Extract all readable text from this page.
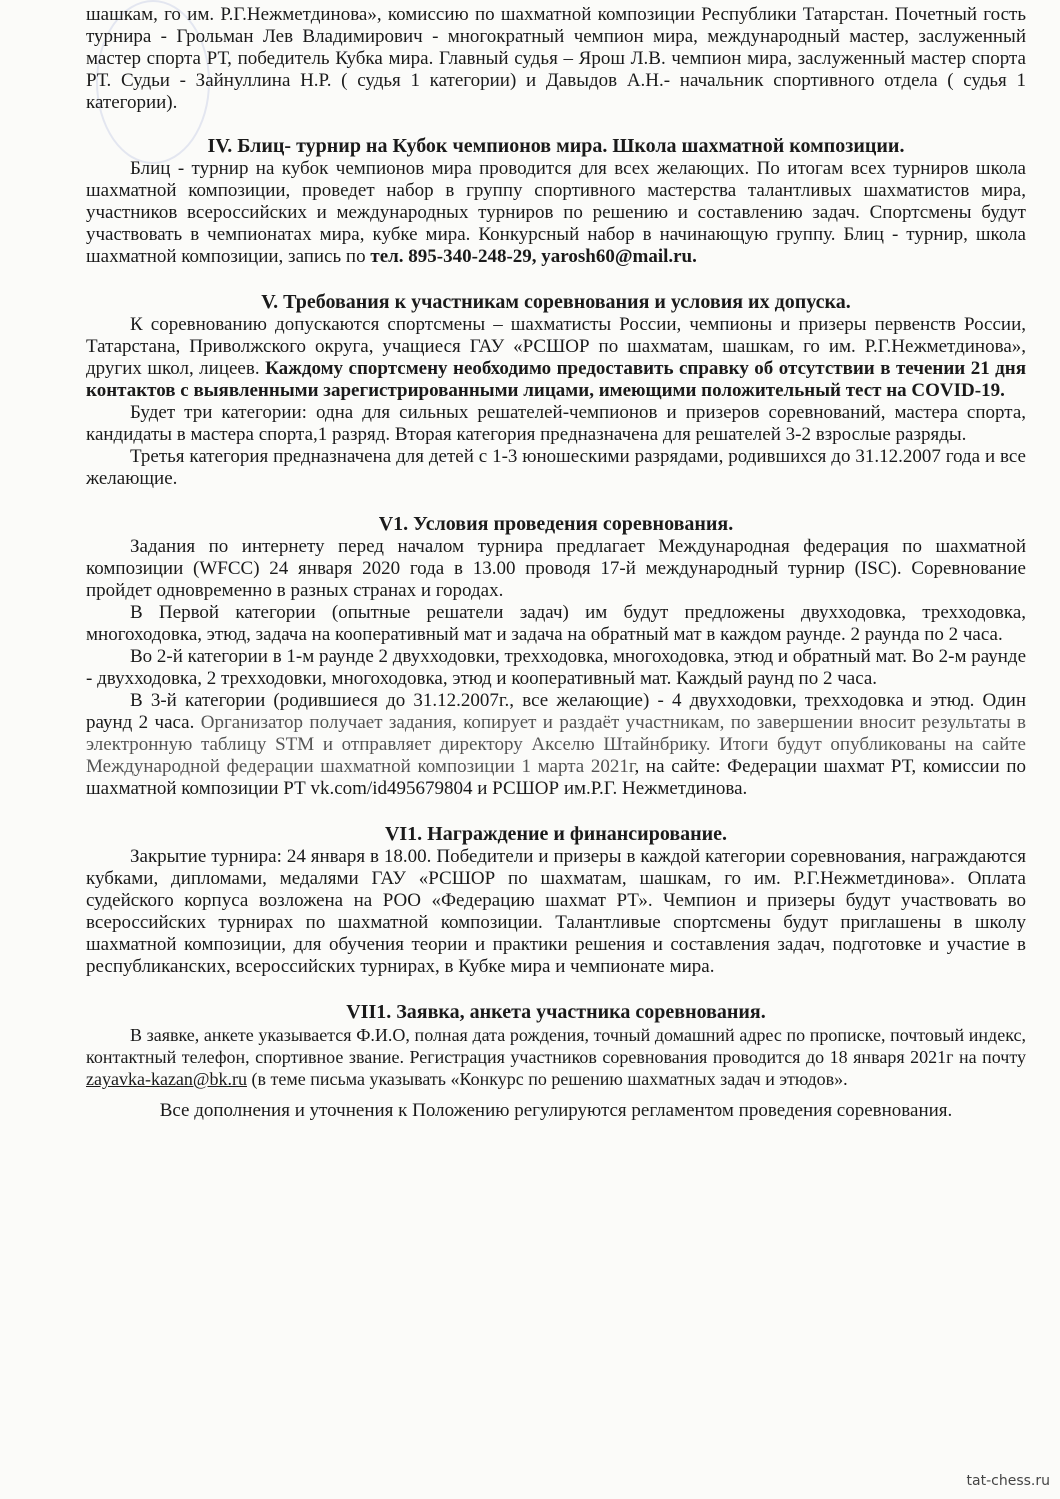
шашкам, го им. Р.Г.Нежметдинова», комиссию по шахматной композиции Республики Татарстан. Почетный гость турнира - Грольман Лев Владимирович - многократный чемпион мира, международный мастер, заслуженный мастер спорта РТ, победитель Кубка мира. Главный судья – Ярош Л.В. чемпион мира, заслуженный мастер спорта РТ. Судьи - Зайнуллина Н.Р. ( судья 1 категории) и Давыдов А.Н.- начальник спортивного отдела ( судья 1 категории).

IV. Блиц- турнир на Кубок чемпионов мира. Школа шахматной композиции.

Блиц - турнир на кубок чемпионов мира проводится для всех желающих. По итогам всех турниров школа шахматной композиции, проведет набор в группу спортивного мастерства талантливых шахматистов мира, участников всероссийских и международных турниров по решению и составлению задач. Спортсмены будут участвовать в чемпионатах мира, кубке мира. Конкурсный набор в начинающую группу. Блиц - турнир, школа шахматной композиции, запись по тел. 895-340-248-29, yarosh60@mail.ru.

V. Требования к участникам соревнования и условия их допуска.

К соревнованию допускаются спортсмены – шахматисты России, чемпионы и призеры первенств России, Татарстана, Приволжского округа, учащиеся ГАУ «РСШОР по шахматам, шашкам, го им. Р.Г.Нежметдинова», других школ, лицеев. Каждому спортсмену необходимо предоставить справку об отсутствии в течении 21 дня контактов с выявленными зарегистрированными лицами, имеющими положительный тест на COVID-19.

Будет три категории: одна для сильных решателей-чемпионов и призеров соревнований, мастера спорта, кандидаты в мастера спорта,1 разряд. Вторая категория предназначена для решателей 3-2 взрослые разряды.

Третья категория предназначена для детей с 1-3 юношескими разрядами, родившихся до 31.12.2007 года и все желающие.

V1. Условия проведения соревнования.

Задания по интернету перед началом турнира предлагает Международная федерация по шахматной композиции (WFCC) 24 января 2020 года в 13.00 проводя 17-й международный турнир (ISC). Соревнование пройдет одновременно в разных странах и городах.

В Первой категории (опытные решатели задач) им будут предложены двухходовка, трехходовка, многоходовка, этюд, задача на кооперативный мат и задача на обратный мат в каждом раунде. 2 раунда по 2 часа.

Во 2-й категории в 1-м раунде 2 двухходовки, трехходовка, многоходовка, этюд и обратный мат. Во 2-м раунде - двухходовка, 2 трехходовки, многоходовка, этюд и кооперативный мат. Каждый раунд по 2 часа.

В 3-й категории (родившиеся до 31.12.2007г., все желающие) - 4 двухходовки, трехходовка и этюд. Один раунд 2 часа. Организатор получает задания, копирует и раздаёт участникам, по завершении вносит результаты в электронную таблицу STM и отправляет директору Акселю Штайнбрику. Итоги будут опубликованы на сайте Международной федерации шахматной композиции 1 марта 2021г, на сайте: Федерации шахмат РТ, комиссии по шахматной композиции РТ vk.com/id495679804 и РСШОР им.Р.Г. Нежметдинова.

VI1. Награждение и финансирование.

Закрытие турнира: 24 января в 18.00. Победители и призеры в каждой категории соревнования, награждаются кубками, дипломами, медалями ГАУ «РСШОР по шахматам, шашкам, го им. Р.Г.Нежметдинова». Оплата судейского корпуса возложена на РОО «Федерацию шахмат РТ». Чемпион и призеры будут участвовать во всероссийских турнирах по шахматной композиции. Талантливые спортсмены будут приглашены в школу шахматной композиции, для обучения теории и практики решения и составления задач, подготовке и участие в республиканских, всероссийских турнирах, в Кубке мира и чемпионате мира.

VII1. Заявка, анкета участника соревнования.

В заявке, анкете указывается Ф.И.О, полная дата рождения, точный домашний адрес по прописке, почтовый индекс, контактный телефон, спортивное звание. Регистрация участников соревнования проводится до 18 января 2021г на почту zayavka-kazan@bk.ru (в теме письма указывать «Конкурс по решению шахматных задач и этюдов».

Все дополнения и уточнения к Положению регулируются регламентом проведения соревнования.

tat-chess.ru
